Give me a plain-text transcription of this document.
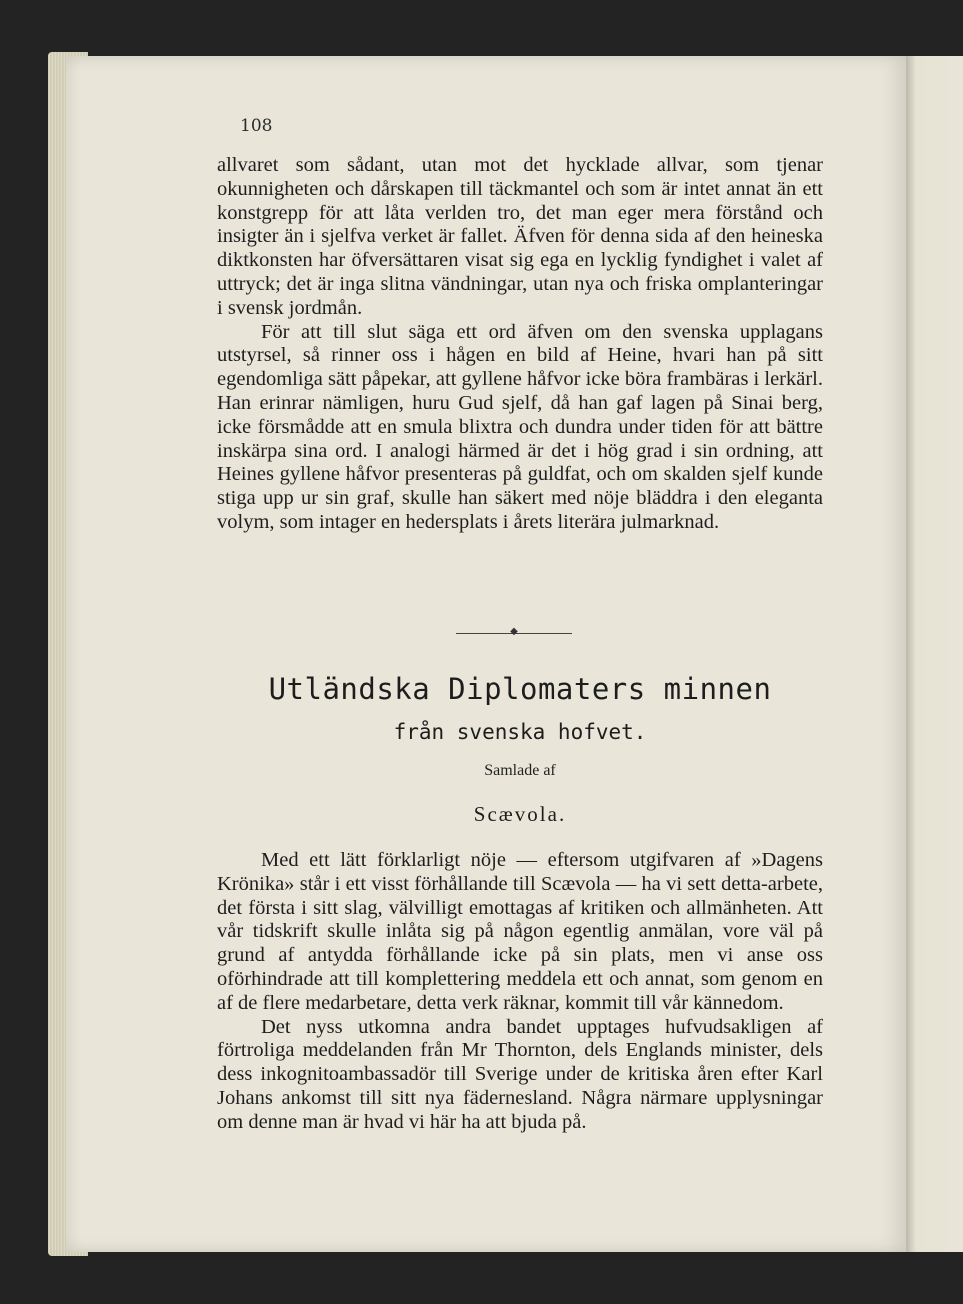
108

allvaret som sådant, utan mot det hycklade allvar, som tjenar okunnigheten och dårskapen till täckmantel och som är intet annat än ett konstgrepp för att låta verlden tro, det man eger mera förstånd och insigter än i sjelfva verket är fallet. Äfven för denna sida af den heineska diktkonsten har öfversättaren visat sig ega en lycklig fyndighet i valet af uttryck; det är inga slitna vändningar, utan nya och friska omplanteringar i svensk jordmån.

För att till slut säga ett ord äfven om den svenska upplagans utstyrsel, så rinner oss i hågen en bild af Heine, hvari han på sitt egendomliga sätt påpekar, att gyllene håfvor icke böra frambäras i lerkärl. Han erinrar nämligen, huru Gud sjelf, då han gaf lagen på Sinai berg, icke försmådde att en smula blixtra och dundra under tiden för att bättre inskärpa sina ord. I analogi härmed är det i hög grad i sin ordning, att Heines gyllene håfvor presenteras på guldfat, och om skalden sjelf kunde stiga upp ur sin graf, skulle han säkert med nöje bläddra i den eleganta volym, som intager en hedersplats i årets literära julmarknad.

◆
Utländska Diplomaters minnen
från svenska hofvet.
Samlade af
Scævola.

Med ett lätt förklarligt nöje — eftersom utgifvaren af »Dagens Krönika» står i ett visst förhållande till Scævola — ha vi sett detta-arbete, det första i sitt slag, välvilligt emottagas af kritiken och allmänheten. Att vår tidskrift skulle inlåta sig på någon egentlig anmälan, vore väl på grund af antydda förhållande icke på sin plats, men vi anse oss oförhindrade att till komplettering meddela ett och annat, som genom en af de flere medarbetare, detta verk räknar, kommit till vår kännedom.

Det nyss utkomna andra bandet upptages hufvudsakligen af förtroliga meddelanden från Mr Thornton, dels Englands minister, dels dess inkognitoambassadör till Sverige under de kritiska åren efter Karl Johans ankomst till sitt nya fädernesland. Några närmare upplysningar om denne man är hvad vi här ha att bjuda på.
